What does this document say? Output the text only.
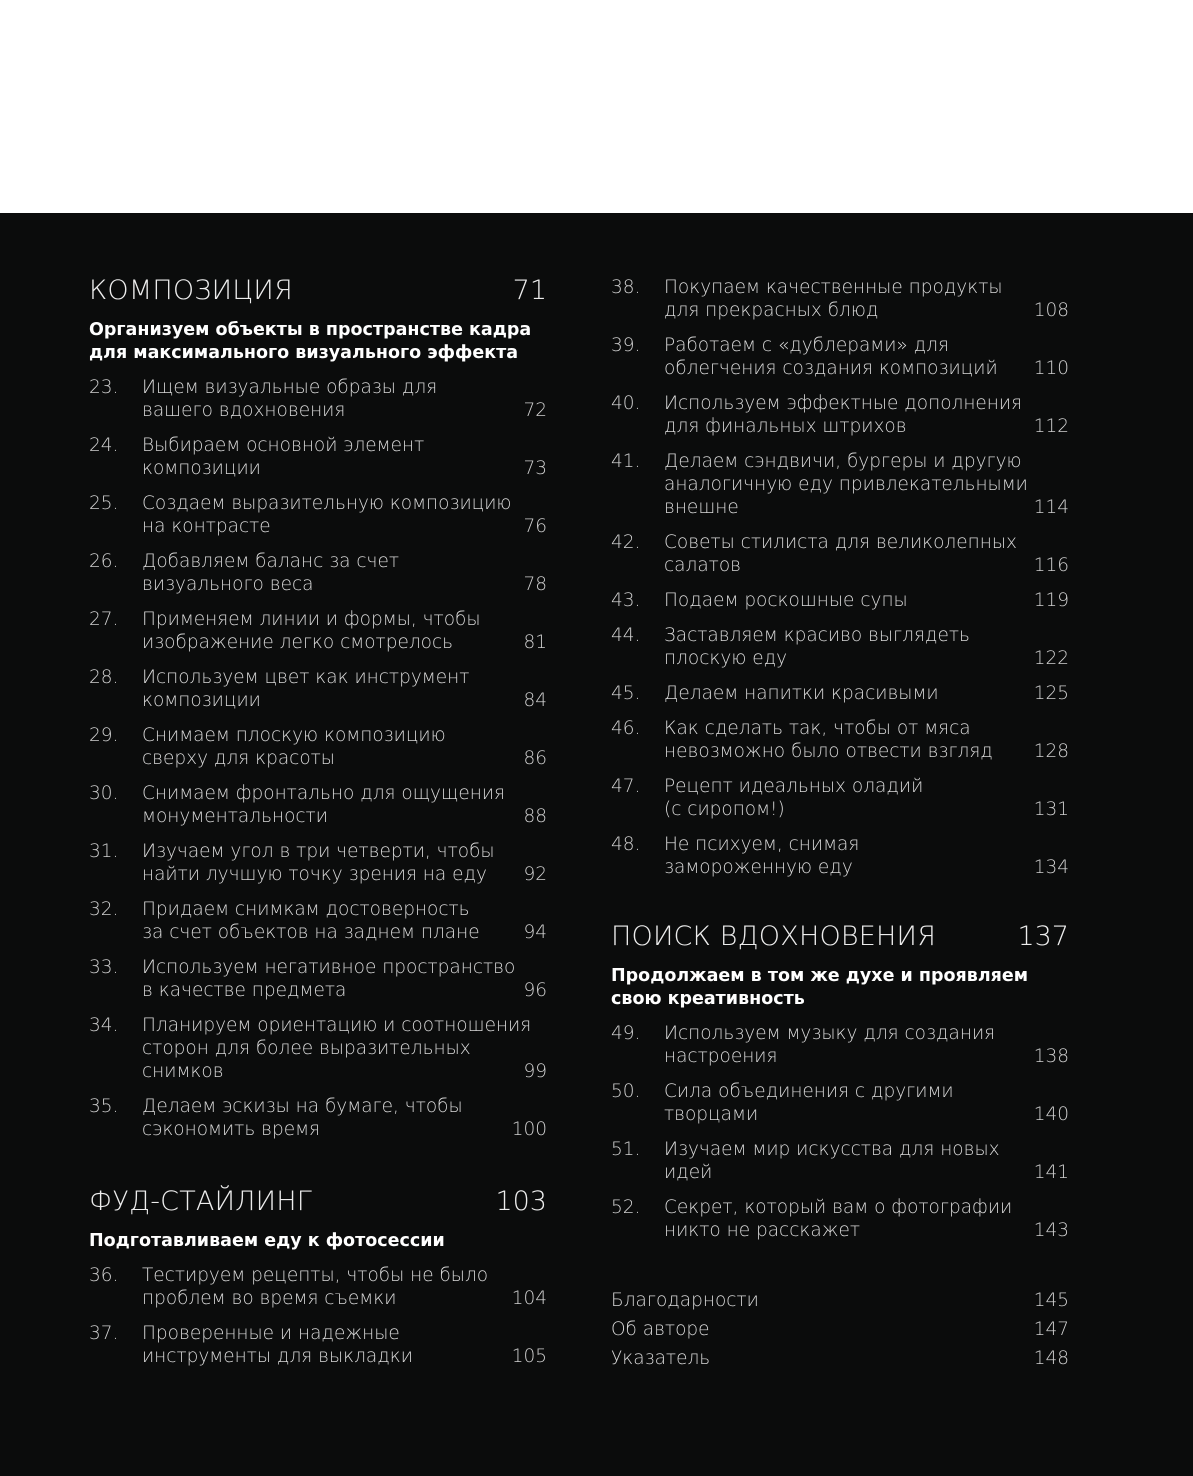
КОМПОЗИЦИЯ	71
Организуем объекты в пространстве кадра
для максимального визуального эффекта
23. Ищем визуальные образы для
вашего вдохновения	72
24. Выбираем основной элемент
композиции	73
25. Создаем выразительную композицию
на контрасте	76
26. Добавляем баланс за счет
визуального веса	78
27. Применяем линии и формы, чтобы
изображение легко смотрелось	81
28. Используем цвет как инструмент
композиции	84
29. Снимаем плоскую композицию
сверху для красоты	86
30. Снимаем фронтально для ощущения
монументальности	88
31. Изучаем угол в три четверти, чтобы
найти лучшую точку зрения на еду	92
32. Придаем снимкам достоверность
за счет объектов на заднем плане	94
33. Используем негативное пространство
в качестве предмета	96
34. Планируем ориентацию и соотношения
сторон для более выразительных
снимков	99
35. Делаем эскизы на бумаге, чтобы
сэкономить время	100
ФУД-СТАЙЛИНГ	103
Подготавливаем еду к фотосессии
36. Тестируем рецепты, чтобы не было
проблем во время съемки	104
37. Проверенные и надежные
инструменты для выкладки	105
38. Покупаем качественные продукты
для прекрасных блюд	108
39. Работаем с «дублерами» для
облегчения создания композиций	110
40. Используем эффектные дополнения
для финальных штрихов	112
41. Делаем сэндвичи, бургеры и другую
аналогичную еду привлекательными
внешне	114
42. Советы стилиста для великолепных
салатов	116
43. Подаем роскошные супы	119
44. Заставляем красиво выглядеть
плоскую еду	122
45. Делаем напитки красивыми	125
46. Как сделать так, чтобы от мяса
невозможно было отвести взгляд	128
47. Рецепт идеальных оладий
(с сиропом!)	131
48. Не психуем, снимая
замороженную еду	134
ПОИСК ВДОХНОВЕНИЯ	137
Продолжаем в том же духе и проявляем
свою креативность
49. Используем музыку для создания
настроения	138
50. Сила объединения с другими
творцами	140
51. Изучаем мир искусства для новых
идей	141
52. Секрет, который вам о фотографии
никто не расскажет	143
Благодарности	145
Об авторе	147
Указатель	148
